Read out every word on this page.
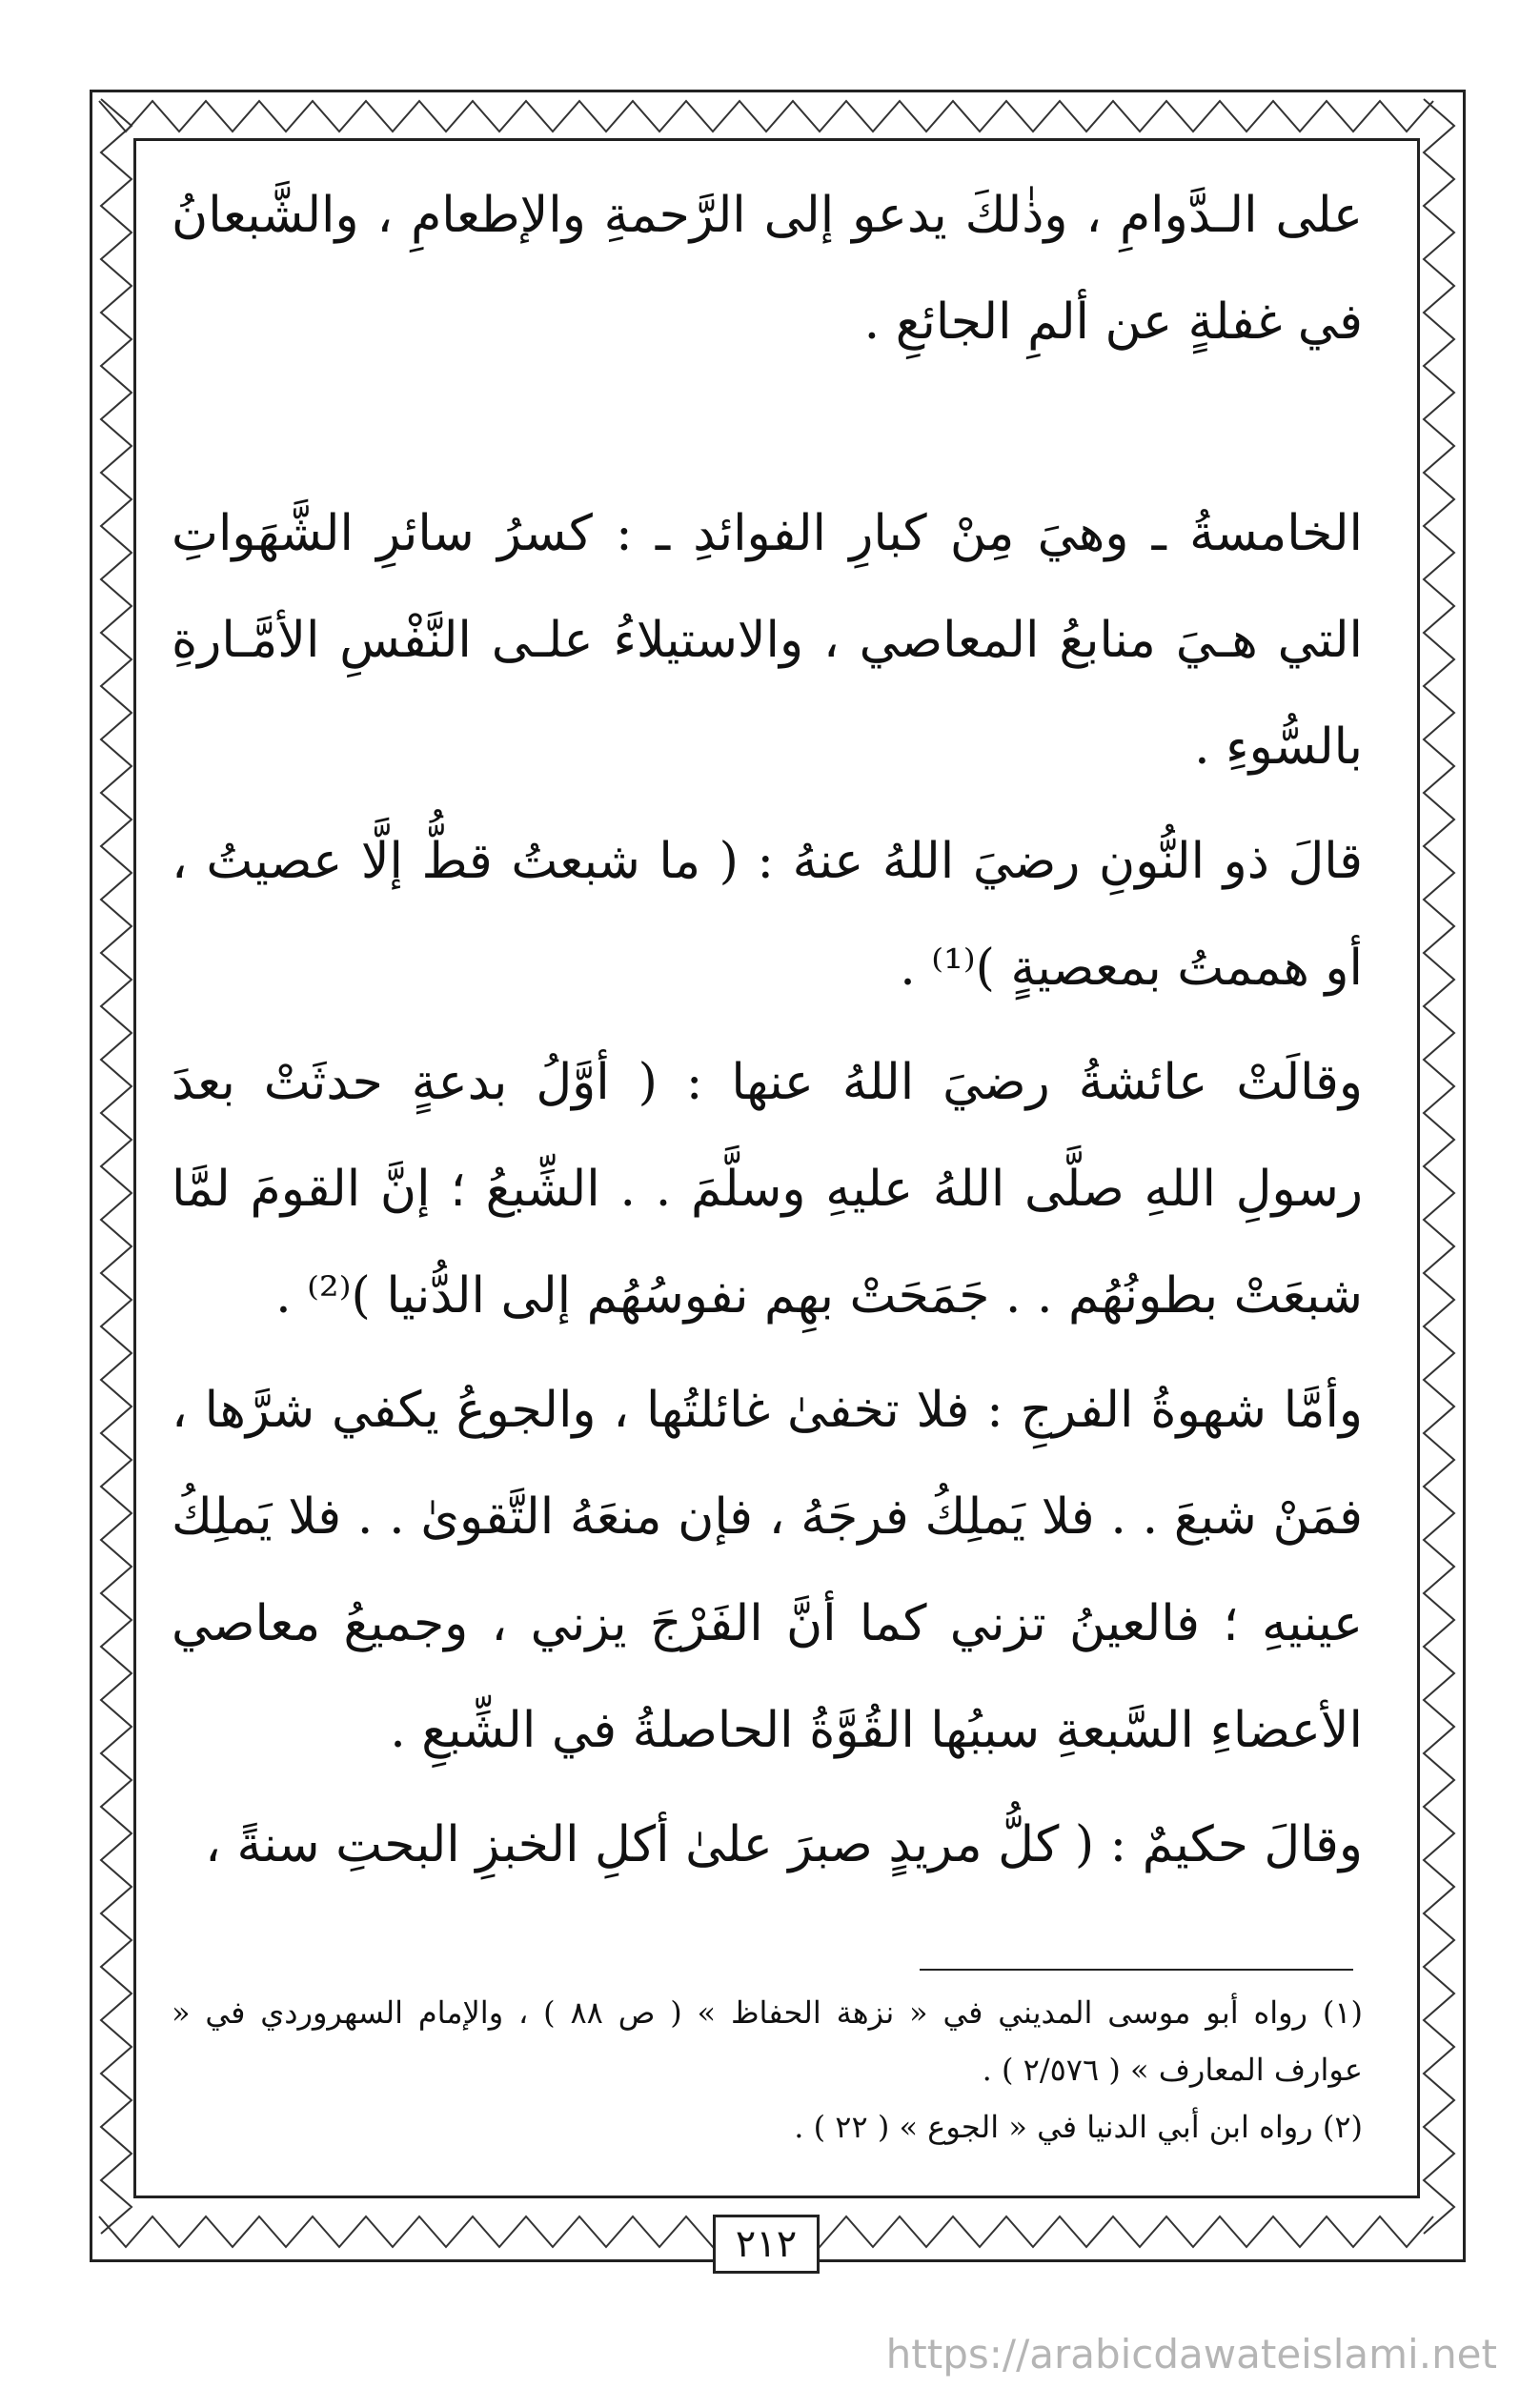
على الـدَّوامِ ، وذٰلكَ يدعو إلى الرَّحمةِ والإطعامِ ، والشَّبعانُ في غفلةٍ عن ألمِ الجائعِ .

الخامسةُ ـ وهيَ مِنْ كبارِ الفوائدِ ـ : كسرُ سائرِ الشَّهَواتِ التي هـيَ منابعُ المعاصي ، والاستيلاءُ علـى النَّفْسِ الأمَّـارةِ بالسُّوءِ .

قالَ ذو النُّونِ رضيَ اللهُ عنهُ : ( ما شبعتُ قطُّ إلَّا عصيتُ ، أو هممتُ بمعصيةٍ )⁽¹⁾ .

وقالَتْ عائشةُ رضيَ اللهُ عنها : ( أوَّلُ بدعةٍ حدثَتْ بعدَ رسولِ اللهِ صلَّى اللهُ عليهِ وسلَّمَ . . الشِّبعُ ؛ إنَّ القومَ لمَّا شبعَتْ بطونُهُم . . جَمَحَتْ بهِم نفوسُهُم إلى الدُّنيا )⁽²⁾ .

وأمَّا شهوةُ الفرجِ : فلا تخفىٰ غائلتُها ، والجوعُ يكفي شرَّها ، فمَنْ شبعَ . . فلا يَملِكُ فرجَهُ ، فإن منعَهُ التَّقوىٰ . . فلا يَملِكُ عينيهِ ؛ فالعينُ تزني كما أنَّ الفَرْجَ يزني ، وجميعُ معاصي الأعضاءِ السَّبعةِ سببُها القُوَّةُ الحاصلةُ في الشِّبعِ .

وقالَ حكيمٌ : ( كلُّ مريدٍ صبرَ علىٰ أكلِ الخبزِ البحتِ سنةً ،

(١) رواه أبو موسى المديني في « نزهة الحفاظ » ( ص ٨٨ ) ، والإمام السهروردي في « عوارف المعارف » ( ٢/٥٧٦ ) .

(٢) رواه ابن أبي الدنيا في « الجوع » ( ٢٢ ) .

٢١٢
https://arabicdawateislami.net
